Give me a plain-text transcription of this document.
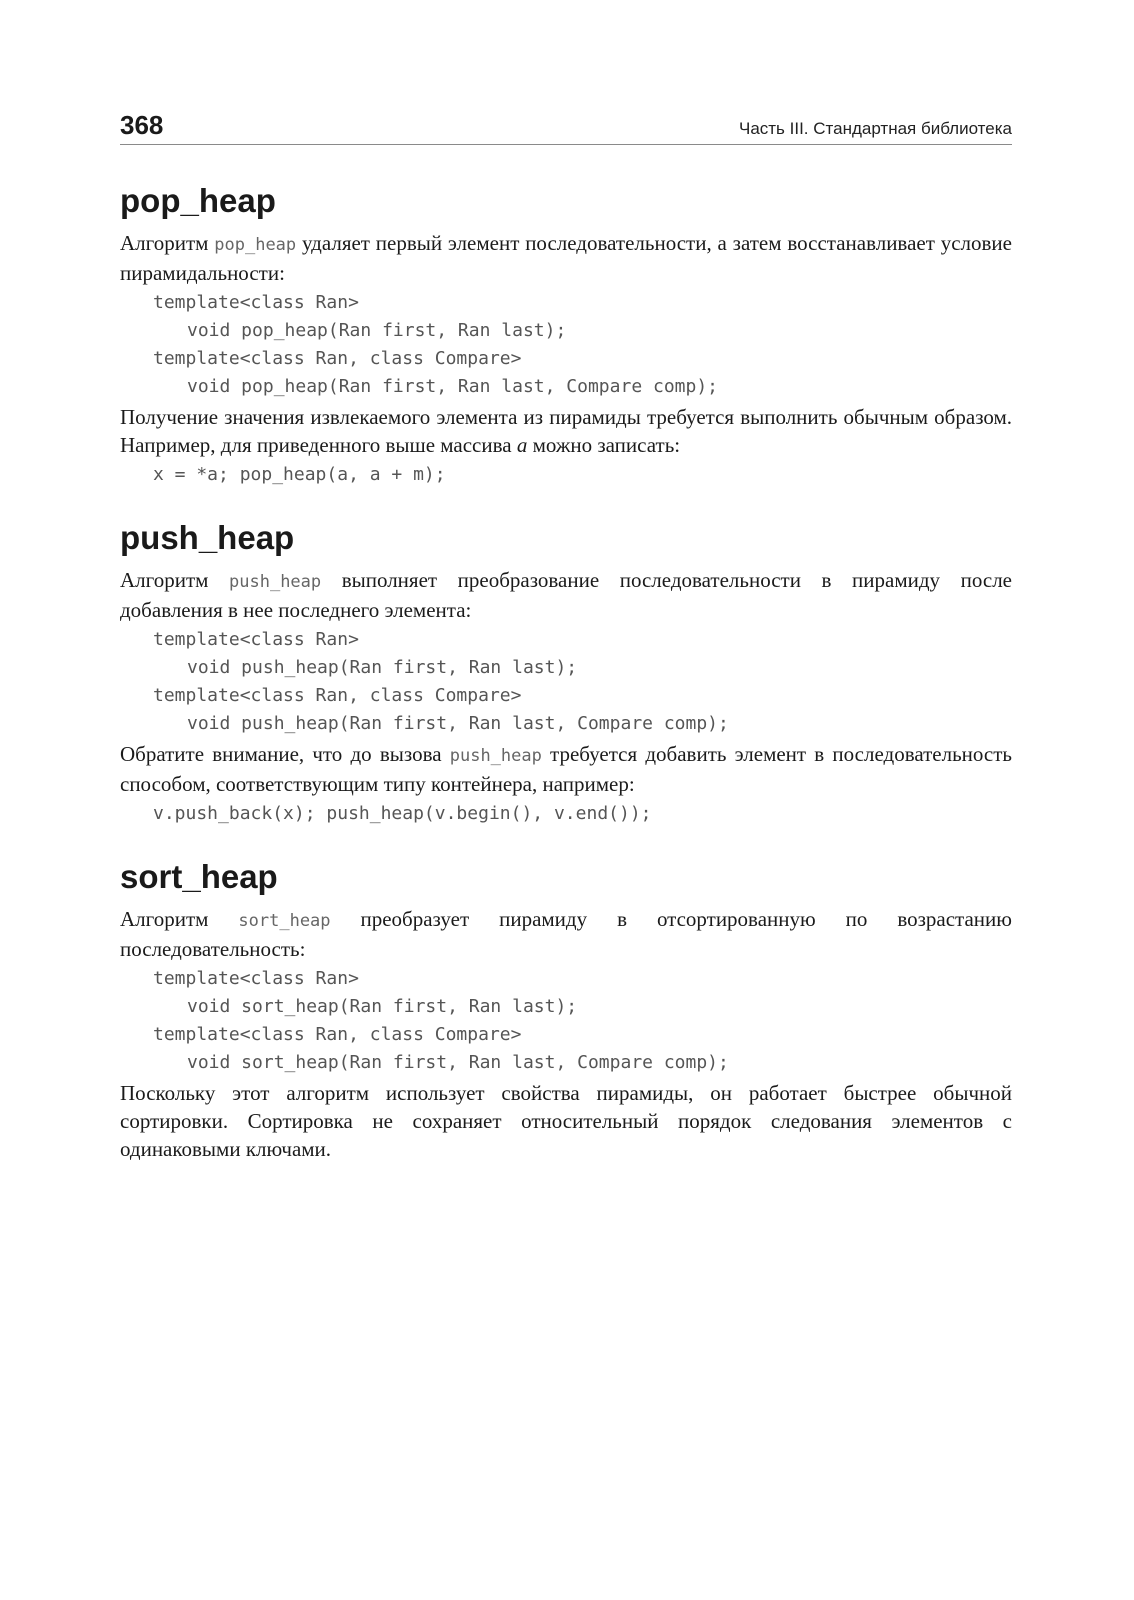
368	Часть III. Стандартная библиотека
pop_heap

Алгоритм pop_heap удаляет первый элемент последовательности, а затем восстанавливает условие пирамидальности:

template<class Ran>
void pop_heap(Ran first, Ran last);
template<class Ran, class Compare>
void pop_heap(Ran first, Ran last, Compare comp);

Получение значения извлекаемого элемента из пирамиды требуется выполнить обычным образом. Например, для приведенного выше массива a можно записать:

x = *a; pop_heap(a, a + m);
push_heap

Алгоритм push_heap выполняет преобразование последовательности в пирамиду после добавления в нее последнего элемента:

template<class Ran>
void push_heap(Ran first, Ran last);
template<class Ran, class Compare>
void push_heap(Ran first, Ran last, Compare comp);

Обратите внимание, что до вызова push_heap требуется добавить элемент в последовательность способом, соответствующим типу контейнера, например:

v.push_back(x); push_heap(v.begin(), v.end());
sort_heap

Алгоритм sort_heap преобразует пирамиду в отсортированную по возрастанию последовательность:

template<class Ran>
void sort_heap(Ran first, Ran last);
template<class Ran, class Compare>
void sort_heap(Ran first, Ran last, Compare comp);

Поскольку этот алгоритм использует свойства пирамиды, он работает быстрее обычной сортировки. Сортировка не сохраняет относительный порядок следования элементов с одинаковыми ключами.
